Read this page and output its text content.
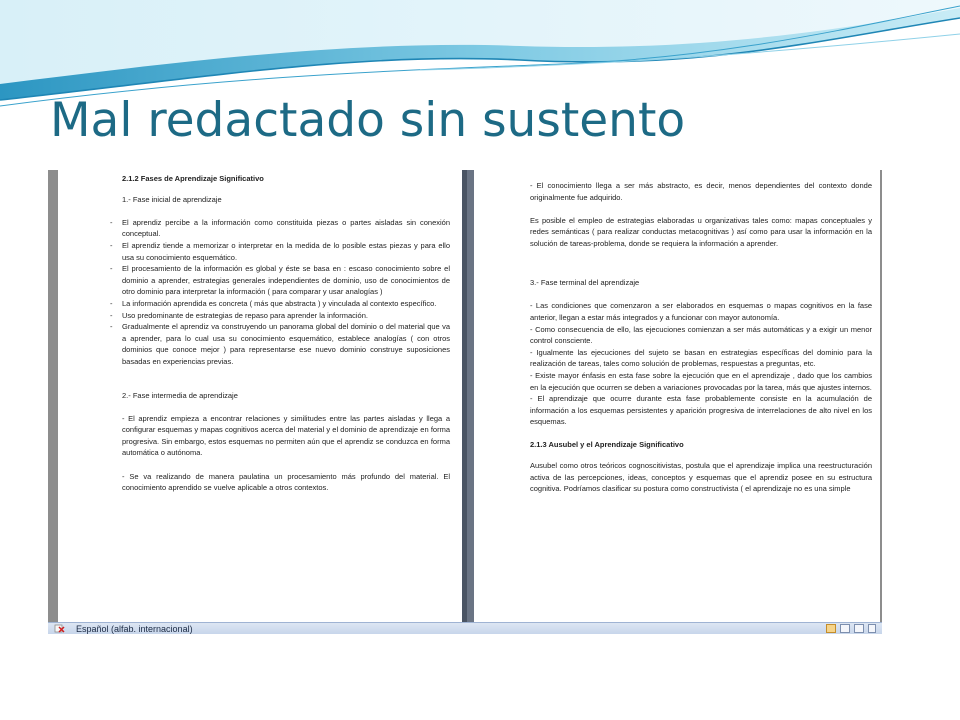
Mal redactado sin sustento

2.1.2 Fases de Aprendizaje Significativo

1.- Fase inicial de aprendizaje

- El aprendiz percibe a la información como constituida piezas o partes aisladas sin conexión conceptual.
- El aprendiz tiende a memorizar o interpretar en la medida de lo posible estas piezas y para ello usa su conocimiento esquemático.
- El procesamiento de la información es global y éste se basa en : escaso conocimiento sobre el dominio a aprender, estrategias generales independientes de dominio, uso de conocimientos de otro dominio para interpretar la información ( para comparar y usar analogías )
- La información aprendida es concreta ( más que abstracta ) y vinculada al contexto específico.
- Uso predominante de estrategias de repaso para aprender la información.
- Gradualmente el aprendiz va construyendo un panorama global del dominio o del material que va a aprender, para lo cual usa su conocimiento esquemático, establece analogías ( con otros dominios que conoce mejor ) para representarse ese nuevo dominio construye suposiciones basadas en experiencias previas.

2.- Fase intermedia de aprendizaje

- El aprendiz empieza a encontrar relaciones y similitudes entre las partes aisladas y llega a configurar esquemas y mapas cognitivos acerca del material y el dominio de aprendizaje en forma progresiva. Sin embargo, estos esquemas no permiten aún que el aprendiz se conduzca en forma automática o autónoma.

- Se va realizando de manera paulatina un procesamiento más profundo del material. El conocimiento aprendido se vuelve aplicable a otros contextos.

- El conocimiento llega a ser más abstracto, es decir, menos dependientes del contexto donde originalmente fue adquirido.

Es posible el empleo de estrategias elaboradas u organizativas tales como: mapas conceptuales y redes semánticas ( para realizar conductas metacognitivas ) así como para usar la información en la solución de tareas-problema, donde se requiera la información a aprender.

3.- Fase terminal del aprendizaje

- Las condiciones que comenzaron a ser elaborados en esquemas o mapas cognitivos en la fase anterior, llegan a estar más integrados y a funcionar con mayor autonomía.

- Como consecuencia de ello, las ejecuciones comienzan a ser más automáticas y a exigir un menor control consciente.

- Igualmente las ejecuciones del sujeto se basan en estrategias específicas del dominio para la realización de tareas, tales como solución de problemas, respuestas a preguntas, etc.

- Existe mayor énfasis en esta fase sobre la ejecución que en el aprendizaje , dado que los cambios en la ejecución que ocurren se deben a variaciones provocadas por la tarea, más que ajustes internos.

- El aprendizaje que ocurre durante esta fase probablemente consiste en la acumulación de información a los esquemas persistentes y aparición progresiva de interrelaciones de alto nivel en los esquemas.

2.1.3 Ausubel y el Aprendizaje Significativo

Ausubel como otros teóricos cognoscitivistas, postula que el aprendizaje implica una reestructuración activa de las percepciones, ideas, conceptos y esquemas que el aprendiz posee en su estructura cognitiva. Podríamos clasificar su postura como constructivista ( el aprendizaje no es una simple

Español (alfab. internacional)
